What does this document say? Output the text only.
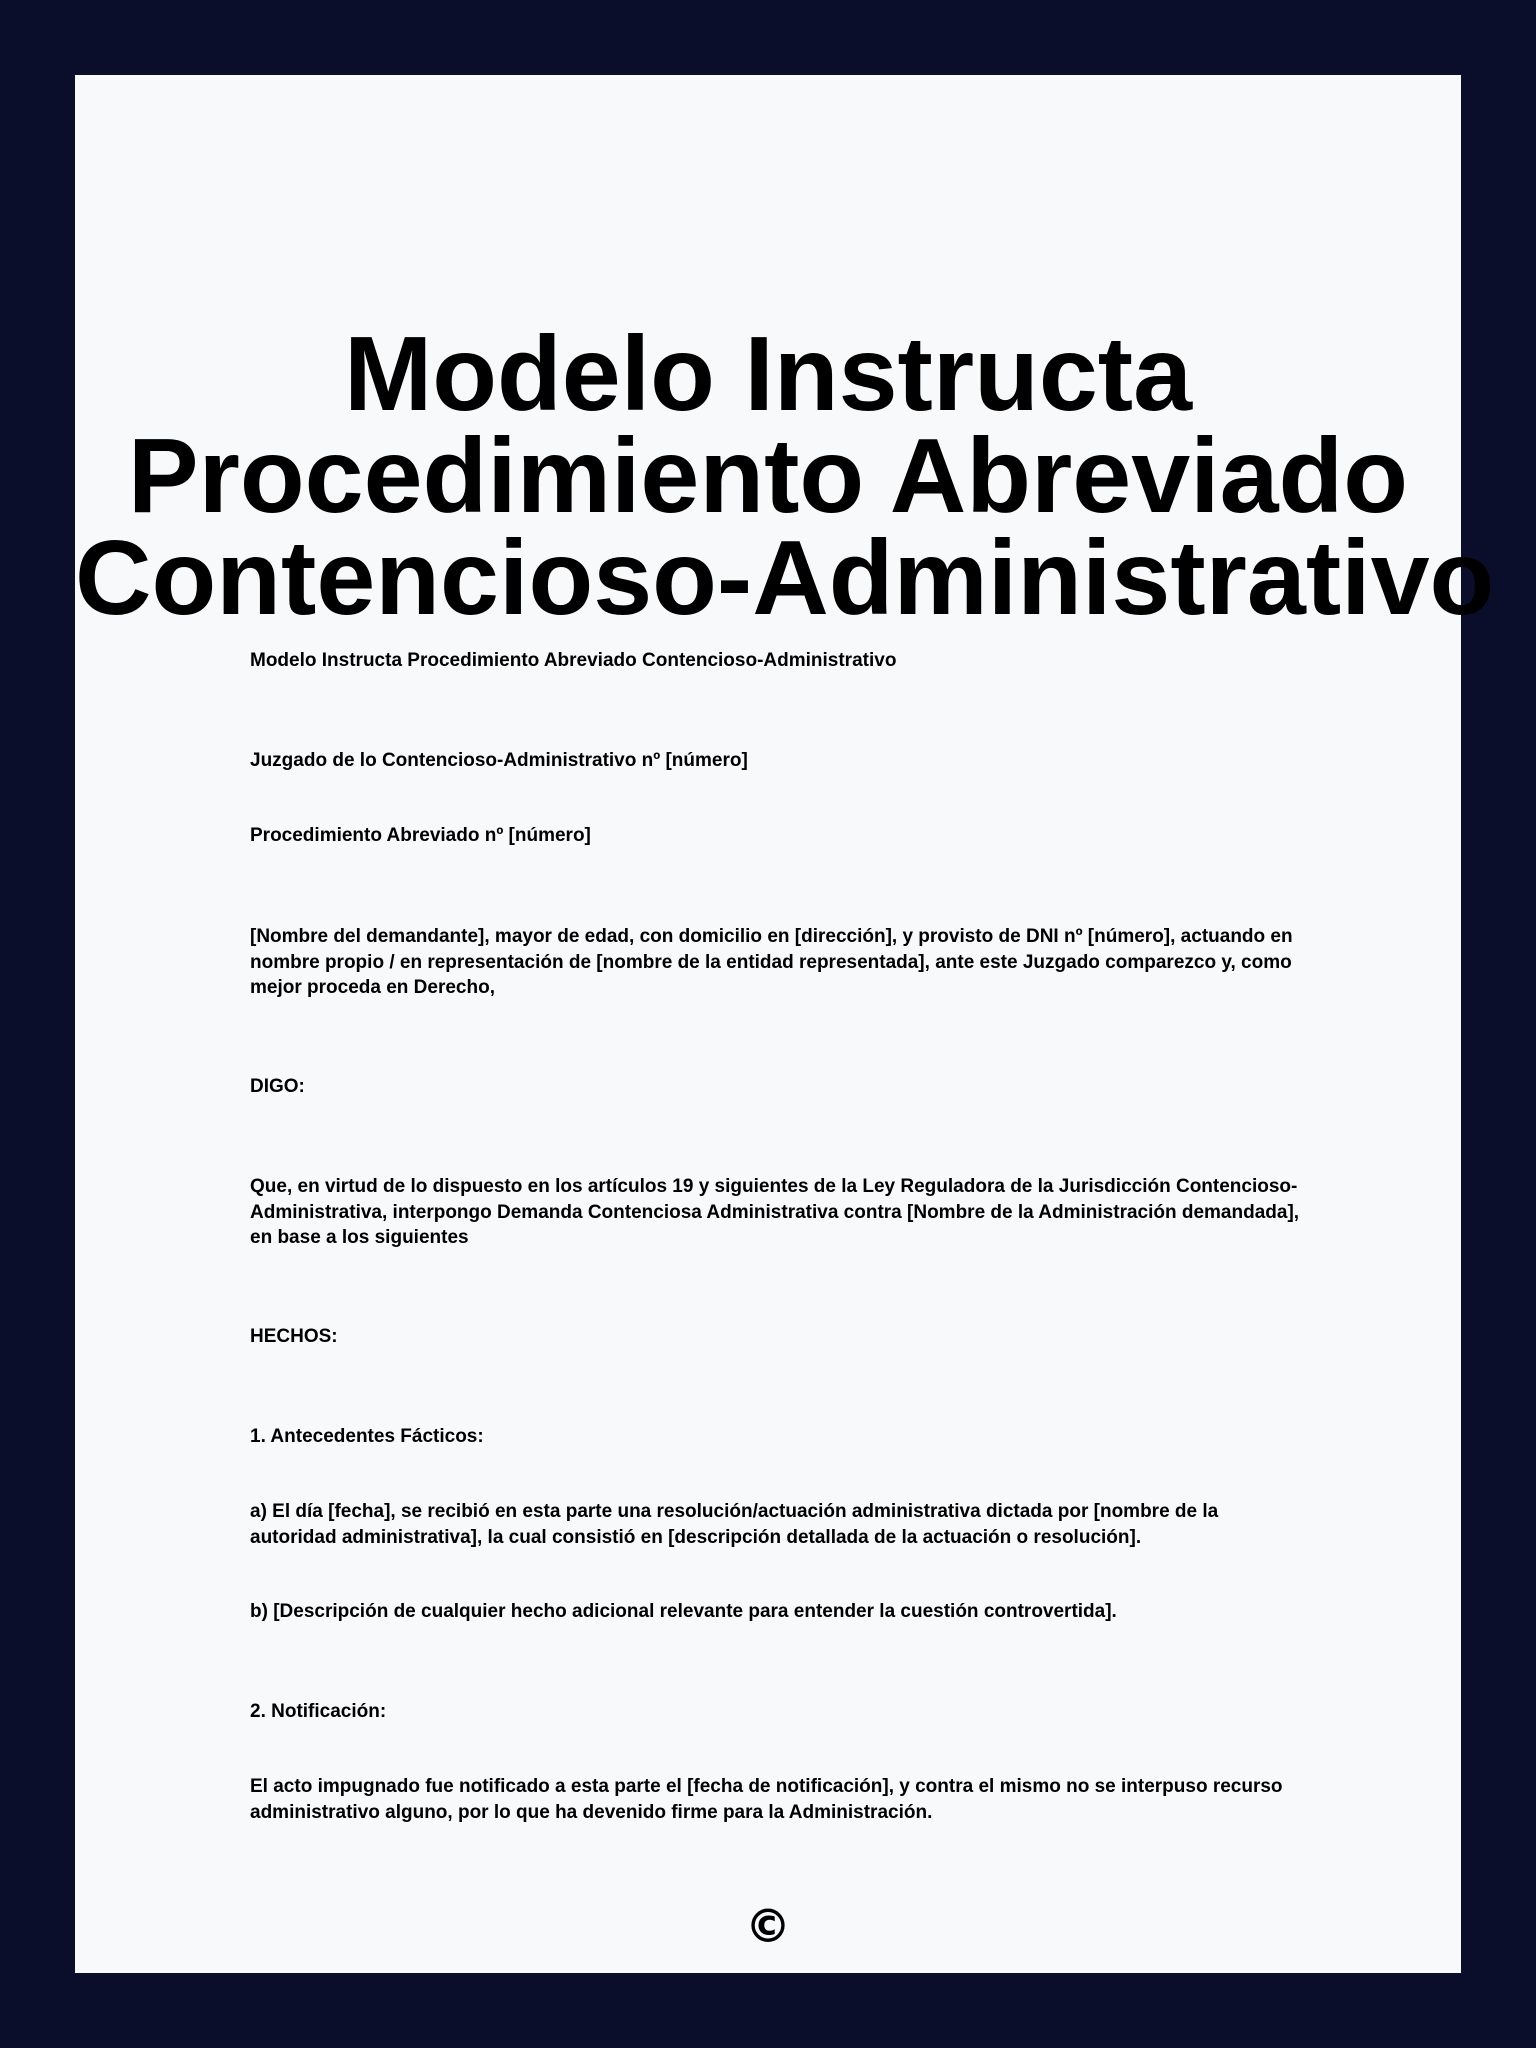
Modelo Instructa
Procedimiento Abreviado
Contencioso-Administrativo

Modelo Instructa Procedimiento Abreviado Contencioso-Administrativo

Juzgado de lo Contencioso-Administrativo nº [número]

Procedimiento Abreviado nº [número]

[Nombre del demandante], mayor de edad, con domicilio en [dirección], y provisto de DNI nº [número], actuando en nombre propio / en representación de [nombre de la entidad representada], ante este Juzgado comparezco y, como mejor proceda en Derecho,

DIGO:

Que, en virtud de lo dispuesto en los artículos 19 y siguientes de la Ley Reguladora de la Jurisdicción Contencioso-Administrativa, interpongo Demanda Contenciosa Administrativa contra [Nombre de la Administración demandada], en base a los siguientes

HECHOS:

1. Antecedentes Fácticos:

a) El día [fecha], se recibió en esta parte una resolución/actuación administrativa dictada por [nombre de la autoridad administrativa], la cual consistió en [descripción detallada de la actuación o resolución].

b) [Descripción de cualquier hecho adicional relevante para entender la cuestión controvertida].

2. Notificación:

El acto impugnado fue notificado a esta parte el [fecha de notificación], y contra el mismo no se interpuso recurso administrativo alguno, por lo que ha devenido firme para la Administración.

©
